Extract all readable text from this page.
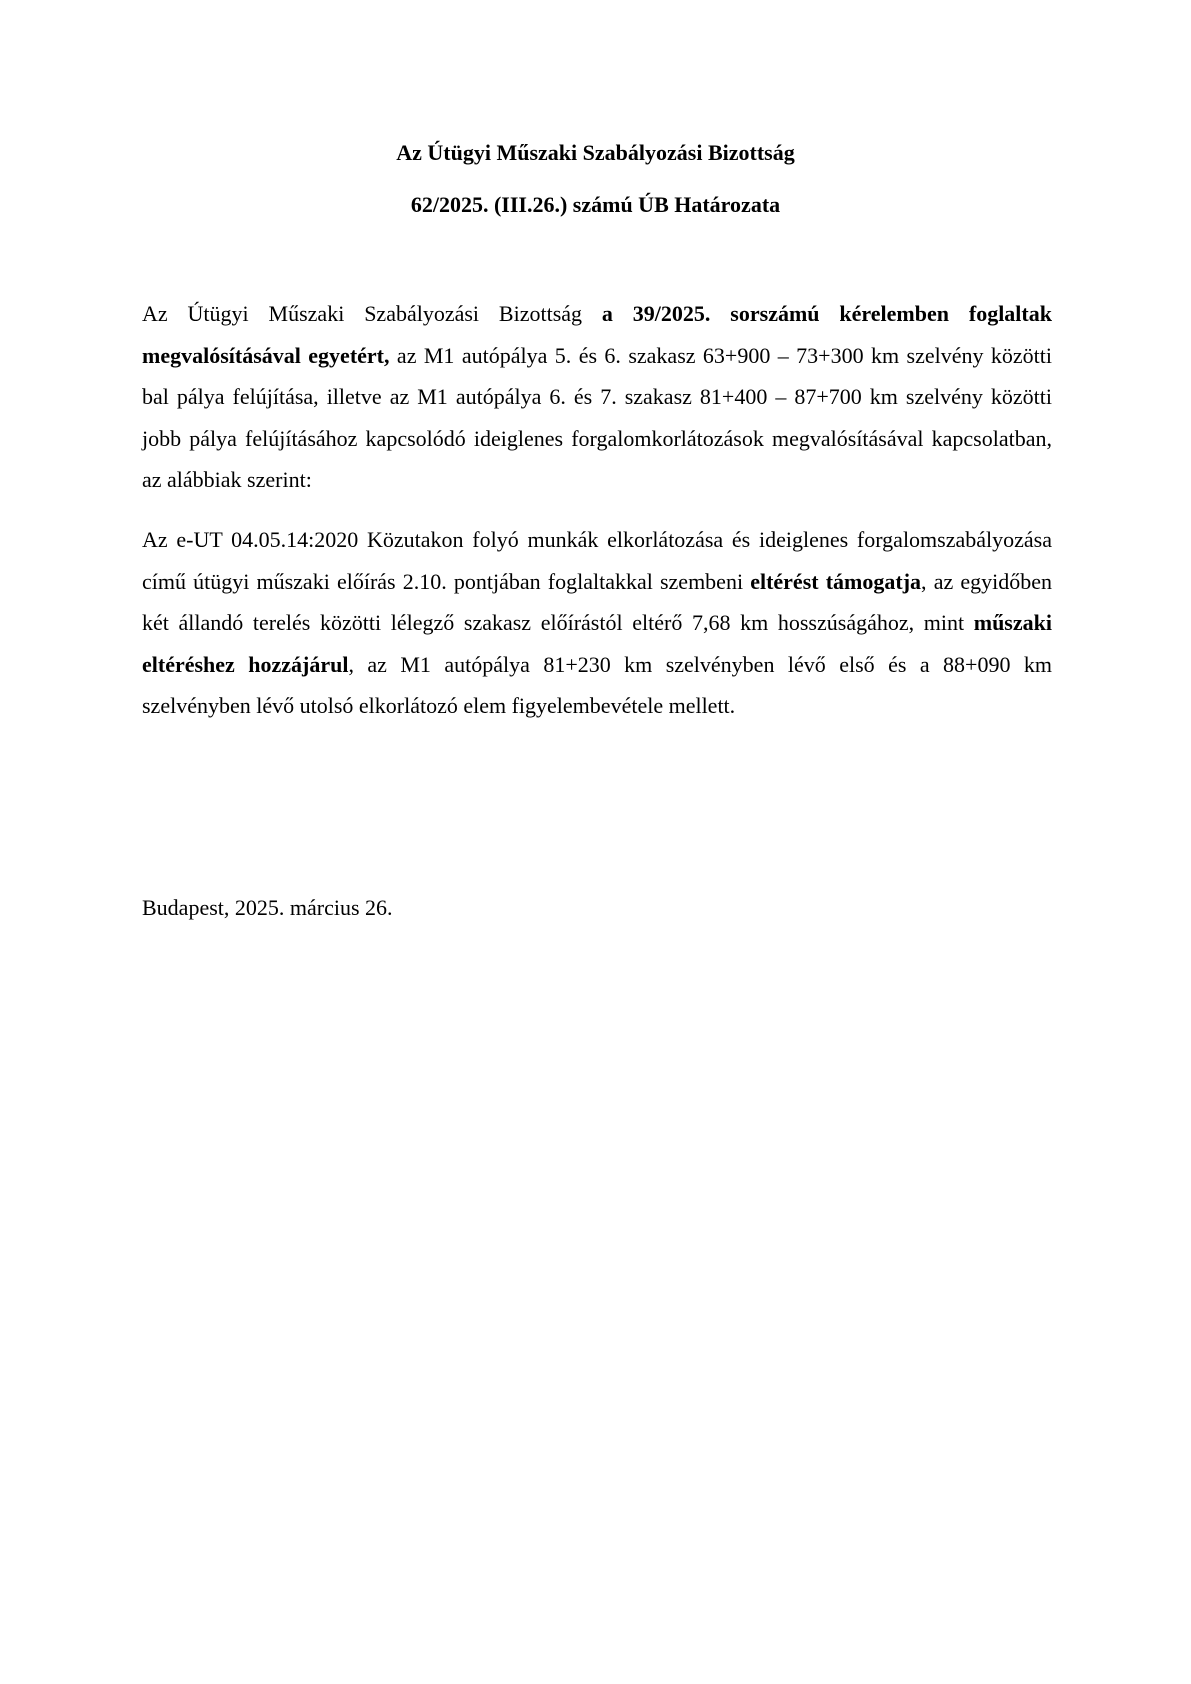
Az Útügyi Műszaki Szabályozási Bizottság

62/2025. (III.26.) számú ÚB Határozata

Az Útügyi Műszaki Szabályozási Bizottság a 39/2025. sorszámú kérelemben foglaltak megvalósításával egyetért, az M1 autópálya 5. és 6. szakasz 63+900 – 73+300 km szelvény közötti bal pálya felújítása, illetve az M1 autópálya 6. és 7. szakasz 81+400 – 87+700 km szelvény közötti jobb pálya felújításához kapcsolódó ideiglenes forgalomkorlátozások megvalósításával kapcsolatban, az alábbiak szerint:

Az e-UT 04.05.14:2020 Közutakon folyó munkák elkorlátozása és ideiglenes forgalomszabályozása című útügyi műszaki előírás 2.10. pontjában foglaltakkal szembeni eltérést támogatja, az egyidőben két állandó terelés közötti lélegző szakasz előírástól eltérő 7,68 km hosszúságához, mint műszaki eltéréshez hozzájárul, az M1 autópálya 81+230 km szelvényben lévő első és a 88+090 km szelvényben lévő utolsó elkorlátozó elem figyelembevétele mellett.

Budapest, 2025. március 26.
